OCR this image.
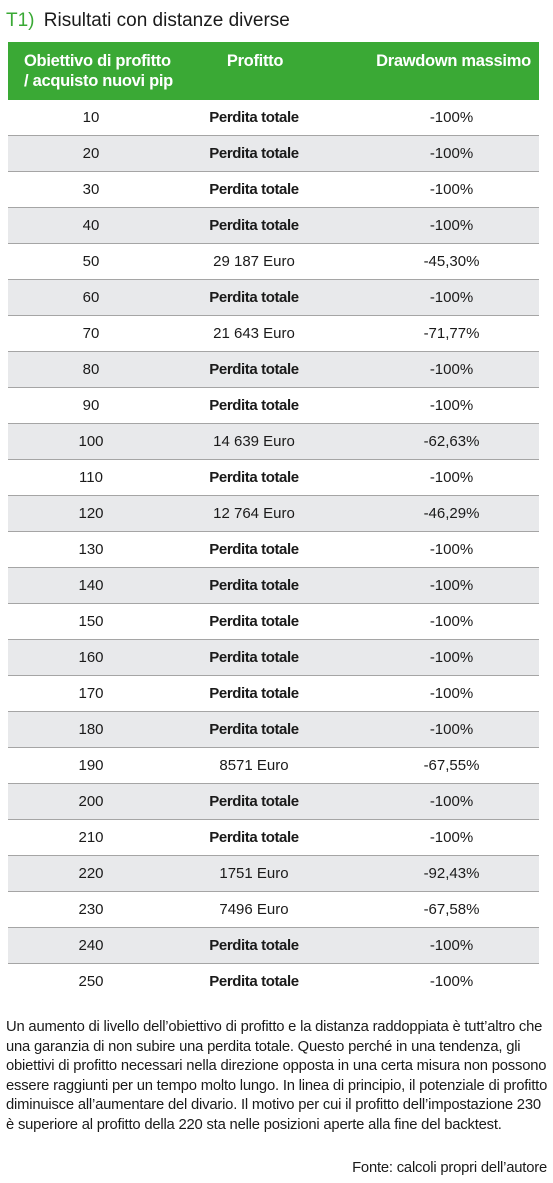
T1) Risultati con distanze diverse
Obiettivo di profitto
/ acquisto nuovi pip	Profitto	Drawdown massimo

10	Perdita totale	-100%
20	Perdita totale	-100%
30	Perdita totale	-100%
40	Perdita totale	-100%
50	29 187 Euro	-45,30%
60	Perdita totale	-100%
70	21 643 Euro	-71,77%
80	Perdita totale	-100%
90	Perdita totale	-100%
100	14 639 Euro	-62,63%
110	Perdita totale	-100%
120	12 764 Euro	-46,29%
130	Perdita totale	-100%
140	Perdita totale	-100%
150	Perdita totale	-100%
160	Perdita totale	-100%
170	Perdita totale	-100%
180	Perdita totale	-100%
190	8571 Euro	-67,55%
200	Perdita totale	-100%
210	Perdita totale	-100%
220	1751 Euro	-92,43%
230	7496 Euro	-67,58%
240	Perdita totale	-100%
250	Perdita totale	-100%

Un aumento di livello dell’obiettivo di profitto e la distanza raddoppiata è tutt’altro che una garanzia di non subire una perdita totale. Questo perché in una tendenza, gli obiettivi di profitto necessari nella direzione opposta in una certa misura non possono essere raggiunti per un tempo molto lungo. In linea di principio, il potenziale di profitto diminuisce all’aumentare del divario. Il motivo per cui il profitto dell’impostazione 230 è superiore al profitto della 220 sta nelle posizioni aperte alla fine del backtest.

Fonte: calcoli propri dell’autore
